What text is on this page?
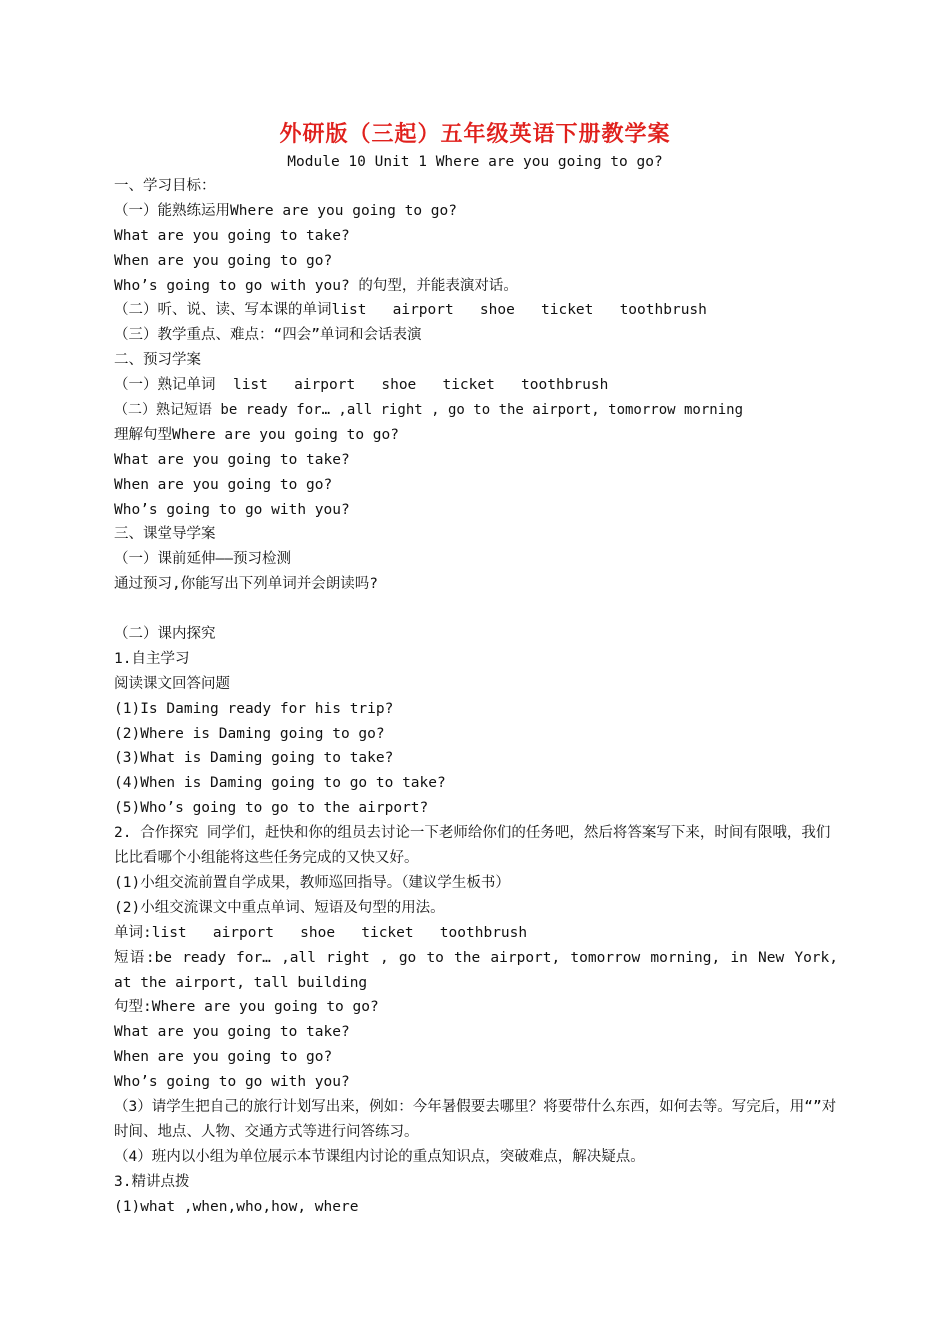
外研版（三起）五年级英语下册教学案
Module 10 Unit 1 Where are you going to go?
一、学习目标：
（一）能熟练运用Where are you going to go?
What are you going to take?
When are you going to go?
Who’s going to go with you? 的句型，并能表演对话。
（二）听、说、读、写本课的单词list   airport   shoe   ticket   toothbrush
（三）教学重点、难点：“四会”单词和会话表演
二、预习学案
（一）熟记单词  list   airport   shoe   ticket   toothbrush
（二）熟记短语 be ready for… ,all right , go to the airport, tomorrow morning
理解句型Where are you going to go?
What are you going to take?
When are you going to go?
Who’s going to go with you?
三、课堂导学案
（一）课前延伸——预习检测
通过预习,你能写出下列单词并会朗读吗?

（二）课内探究
1.自主学习
阅读课文回答问题
(1)Is Daming ready for his trip?
(2)Where is Daming going to go?
(3)What is Daming going to take?
(4)When is Daming going to go to take?
(5)Who’s going to go to the airport?
2. 合作探究 同学们，赶快和你的组员去讨论一下老师给你们的任务吧，然后将答案写下来，时间有限哦，我们比比看哪个小组能将这些任务完成的又快又好。
(1)小组交流前置自学成果，教师巡回指导。（建议学生板书）
(2)小组交流课文中重点单词、短语及句型的用法。
单词:list   airport   shoe   ticket   toothbrush
短语:be ready for… ,all right , go to the airport, tomorrow morning, in New York, at the airport, tall building
句型:Where are you going to go?
What are you going to take?
When are you going to go?
Who’s going to go with you?
（3）请学生把自己的旅行计划写出来，例如：今年暑假要去哪里？将要带什么东西，如何去等。写完后，用“”对时间、地点、人物、交通方式等进行问答练习。
（4）班内以小组为单位展示本节课组内讨论的重点知识点，突破难点，解决疑点。
3.精讲点拨
(1)what ,when,who,how, where
